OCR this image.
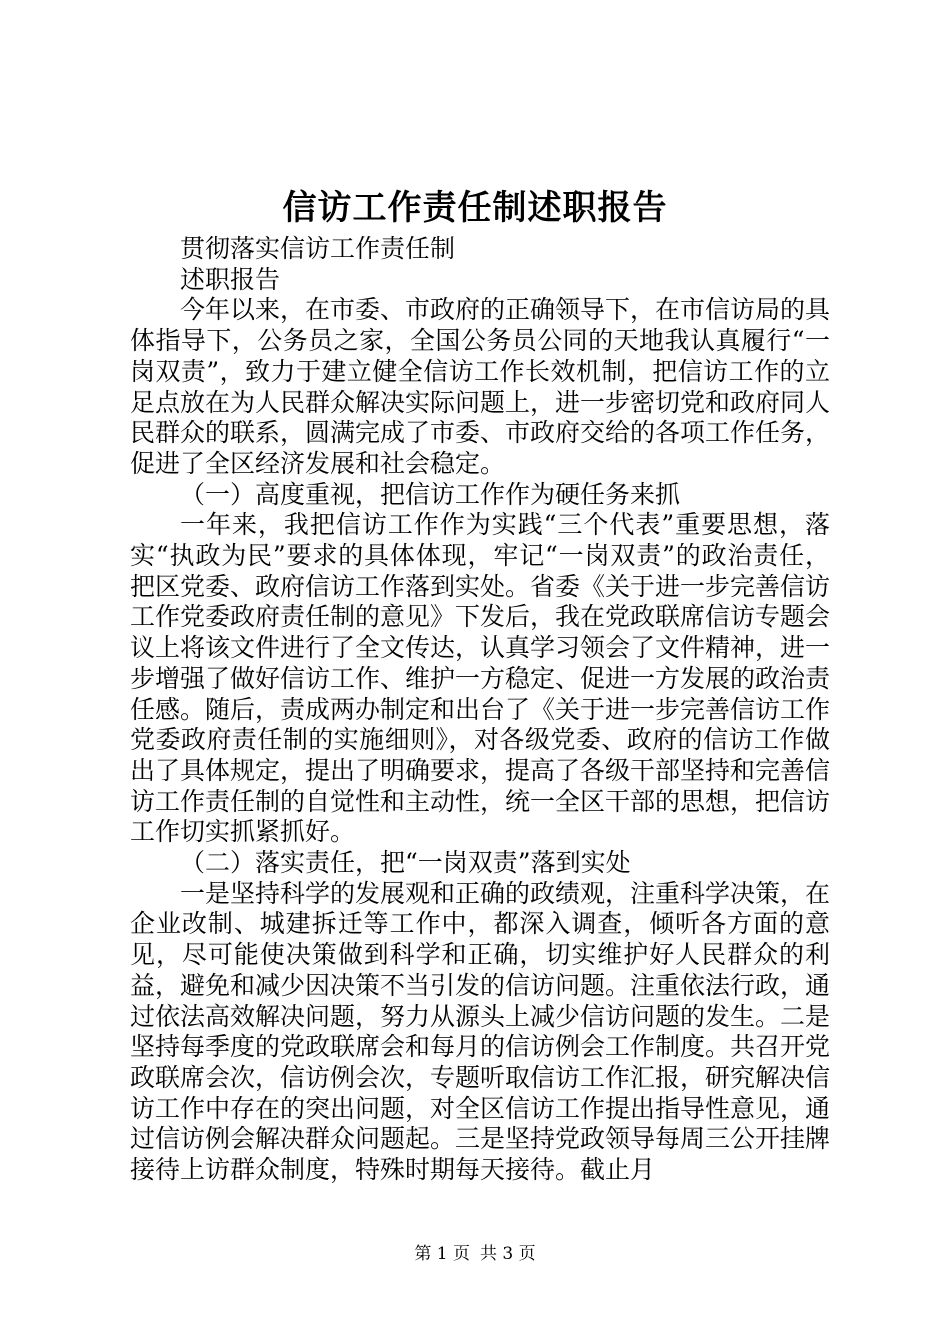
信访工作责任制述职报告

贯彻落实信访工作责任制

述职报告

今年以来，在市委、市政府的正确领导下，在市信访局的具体指导下，公务员之家，全国公务员公同的天地我认真履行“一岗双责”，致力于建立健全信访工作长效机制，把信访工作的立足点放在为人民群众解决实际问题上，进一步密切党和政府同人民群众的联系，圆满完成了市委、市政府交给的各项工作任务，促进了全区经济发展和社会稳定。

（一）高度重视，把信访工作作为硬任务来抓

一年来，我把信访工作作为实践“三个代表”重要思想，落实“执政为民”要求的具体体现，牢记“一岗双责”的政治责任，把区党委、政府信访工作落到实处。省委《关于进一步完善信访工作党委政府责任制的意见》下发后，我在党政联席信访专题会议上将该文件进行了全文传达，认真学习领会了文件精神，进一步增强了做好信访工作、维护一方稳定、促进一方发展的政治责任感。随后，责成两办制定和出台了《关于进一步完善信访工作党委政府责任制的实施细则》，对各级党委、政府的信访工作做出了具体规定，提出了明确要求，提高了各级干部坚持和完善信访工作责任制的自觉性和主动性，统一全区干部的思想，把信访工作切实抓紧抓好。

（二）落实责任，把“一岗双责”落到实处

一是坚持科学的发展观和正确的政绩观，注重科学决策，在企业改制、城建拆迁等工作中，都深入调查，倾听各方面的意见，尽可能使决策做到科学和正确，切实维护好人民群众的利益，避免和减少因决策不当引发的信访问题。注重依法行政，通过依法高效解决问题，努力从源头上减少信访问题的发生。二是坚持每季度的党政联席会和每月的信访例会工作制度。共召开党政联席会次，信访例会次，专题听取信访工作汇报，研究解决信访工作中存在的突出问题，对全区信访工作提出指导性意见，通过信访例会解决群众问题起。三是坚持党政领导每周三公开挂牌接待上访群众制度，特殊时期每天接待。截止月

第 1 页 共 3 页
